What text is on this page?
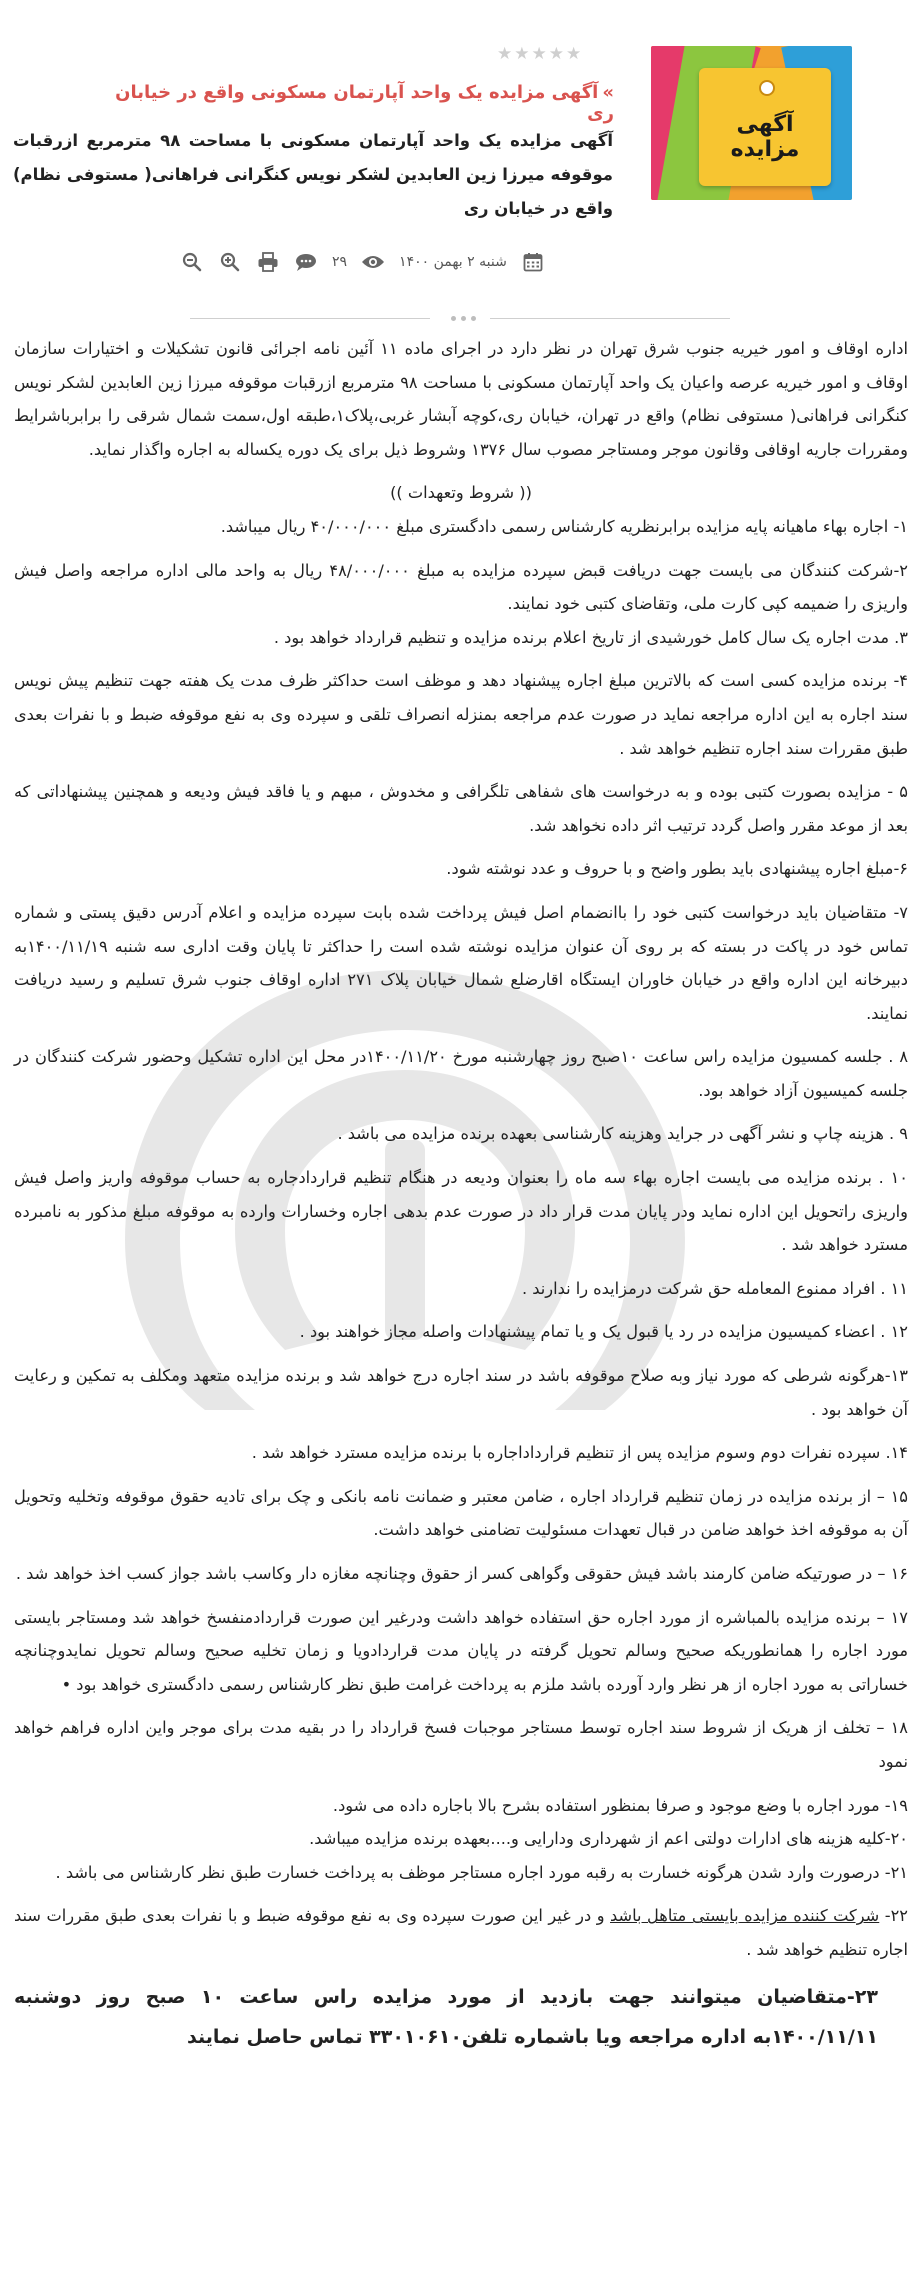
آگهی مزایده
★ ★ ★ ★ ★
»آگهی مزایده یک واحد آپارتمان مسکونی واقع در خیابان ری
آگهی مزایده یک واحد آپارتمان مسکونی با مساحت ۹۸ مترمربع ازرقبات موقوفه میرزا زین العابدین لشکر نویس کنگرانی فراهانی( مستوفی نظام) واقع در خیابان ری
۲۹	شنبه ۲ بهمن ۱۴۰۰

اداره اوقاف و امور خیریه جنوب شرق تهران در نظر دارد در اجرای ماده ۱۱ آئین نامه اجرائی قانون تشکیلات و اختیارات سازمان اوقاف و امور خیریه عرصه واعیان یک واحد آپارتمان مسکونی با مساحت ۹۸ مترمربع ازرقبات موقوفه میرزا زین العابدین لشکر نویس کنگرانی فراهانی( مستوفی نظام) واقع در تهران، خیابان ری،کوچه آبشار غربی،پلاک۱،طبقه اول،سمت شمال شرقی را برابرباشرایط ومقررات جاریه اوقافی وقانون موجر ومستاجر مصوب سال ۱۳۷۶ وشروط ذیل برای یک دوره یکساله به اجاره واگذار نماید.

(( شروط وتعهدات ))

۱- اجاره بهاء ماهیانه پایه مزایده برابرنظریه کارشناس رسمی دادگستری مبلغ ۴۰/۰۰۰/۰۰۰ ریال میباشد.

۲-شرکت کنندگان می بایست جهت دریافت قبض سپرده مزایده به مبلغ ۴۸/۰۰۰/۰۰۰ ریال به واحد مالی اداره مراجعه واصل فیش واریزی را ضمیمه کپی کارت ملی، وتقاضای کتبی خود نمایند.

۳. مدت اجاره یک سال کامل خورشیدی از تاریخ اعلام برنده مزایده و تنظیم قرارداد خواهد بود .

۴- برنده مزایده کسی است که بالاترین مبلغ اجاره پیشنهاد دهد و موظف است حداکثر ظرف مدت یک هفته جهت تنظیم پیش نویس سند اجاره به این اداره مراجعه نماید در صورت عدم مراجعه بمنزله انصراف تلقی و سپرده وی به نفع موقوفه ضبط و با نفرات بعدی طبق مقررات سند اجاره تنظیم خواهد شد .

۵ - مزایده بصورت کتبی بوده و به درخواست های شفاهی تلگرافی و مخدوش ، مبهم و یا فاقد فیش ودیعه و همچنین پیشنهاداتی که بعد از موعد مقرر واصل گردد ترتیب اثر داده نخواهد شد.

۶-مبلغ اجاره پیشنهادی باید بطور واضح و با حروف و عدد نوشته شود.

۷- متقاضیان باید درخواست کتبی خود را باانضمام اصل فیش پرداخت شده بابت سپرده مزایده و اعلام آدرس دقیق پستی و شماره تماس خود در پاکت در بسته که بر روی آن عنوان مزایده نوشته شده است را حداکثر تا پایان وقت اداری سه شنبه ۱۴۰۰/۱۱/۱۹به دبیرخانه این اداره واقع در خیابان خاوران ایستگاه اقارضلع شمال خیابان پلاک ۲۷۱ اداره اوقاف جنوب شرق تسلیم و رسید دریافت نمایند.

۸ . جلسه کمسیون مزایده راس ساعت ۱۰صبح روز چهارشنبه مورخ ۱۴۰۰/۱۱/۲۰در محل این اداره تشکیل وحضور شرکت کنندگان در جلسه کمیسیون آزاد خواهد بود.

۹ . هزینه چاپ و نشر آگهی در جراید وهزینه کارشناسی بعهده برنده مزایده می باشد .

۱۰ . برنده مزایده می بایست اجاره بهاء سه ماه را بعنوان ودیعه در هنگام تنظیم قراردادجاره به حساب موقوفه واریز واصل فیش واریزی راتحویل این اداره نماید ودر پایان مدت قرار داد در صورت عدم بدهی اجاره وخسارات وارده به موقوفه مبلغ مذکور به نامبرده مسترد خواهد شد .

۱۱ . افراد ممنوع المعامله حق شرکت درمزایده را ندارند .

۱۲ . اعضاء کمیسیون مزایده در رد یا قبول یک و یا تمام پیشنهادات واصله مجاز خواهند بود .

۱۳-هرگونه شرطی که مورد نیاز وبه صلاح موقوفه باشد در سند اجاره درج خواهد شد و برنده مزایده متعهد ومکلف به تمکین و رعایت آن خواهد بود .

۱۴. سپرده نفرات دوم وسوم مزایده پس از تنظیم قرارداداجاره با برنده مزایده مسترد خواهد شد .

۱۵ – از برنده مزایده در زمان تنظیم قرارداد اجاره ، ضامن معتبر و ضمانت نامه بانکی و چک برای تادیه حقوق موقوفه وتخلیه وتحویل آن به موقوفه اخذ خواهد ضامن در قبال تعهدات مسئولیت تضامنی خواهد داشت.

۱۶ – در صورتیکه ضامن کارمند باشد فیش حقوقی وگواهی کسر از حقوق وچنانچه مغازه دار وکاسب باشد جواز کسب اخذ خواهد شد .

۱۷ – برنده مزایده بالمباشره از مورد اجاره حق استفاده خواهد داشت ودرغیر این صورت قراردادمنفسخ خواهد شد ومستاجر بایستی مورد اجاره را همانطوریکه صحیح وسالم تحویل گرفته در پایان مدت قراردادویا و زمان تخلیه صحیح وسالم تحویل نمایدوچنانچه خساراتی به مورد اجاره از هر نظر وارد آورده باشد ملزم به پرداخت غرامت طبق نظر کارشناس رسمی دادگستری خواهد بود •

۱۸ – تخلف از هریک از شروط سند اجاره توسط مستاجر موجبات فسخ قرارداد را در بقیه مدت برای موجر واین اداره فراهم خواهد نمود

۱۹- مورد اجاره با وضع موجود و صرفا بمنظور استفاده بشرح بالا باجاره داده می شود.

۲۰-کلیه هزینه های ادارات دولتی اعم از شهرداری ودارایی و....بعهده برنده مزایده میباشد.

۲۱- درصورت وارد شدن هرگونه خسارت به رقبه مورد اجاره مستاجر موظف به پرداخت خسارت طبق نظر کارشناس می باشد .

۲۲- شرکت کننده مزایده بایستی متاهل باشد و در غیر این صورت سپرده وی به نفع موقوفه ضبط و با نفرات بعدی طبق مقررات سند اجاره تنظیم خواهد شد .

۲۳-متقاضیان میتوانند جهت بازدید از مورد مزایده راس ساعت ۱۰ صبح روز دوشنبه ۱۴۰۰/۱۱/۱۱به اداره مراجعه ویا باشماره تلفن۳۳۰۱۰۶۱۰ تماس حاصل نمایند
